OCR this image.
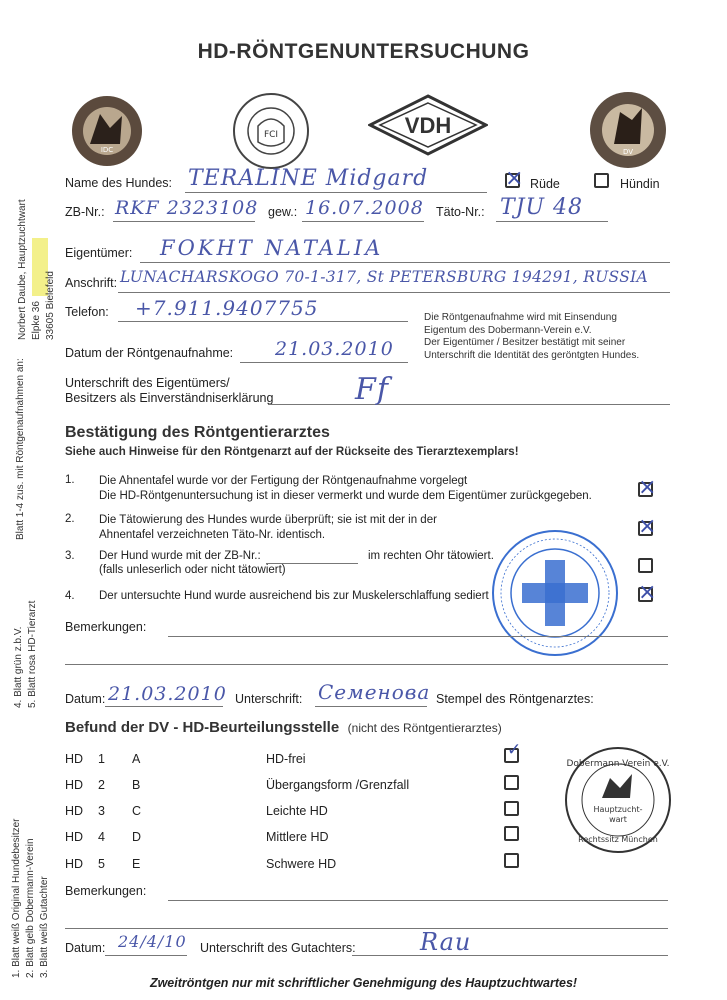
Blatt 1-4 zus. mit Röntgenaufnahmen an:
Norbert Daube, Hauptzuchtwart Elpke 36 33605 Bielefeld
4. Blatt grün z.b.V. 5. Blatt rosa HD-Tierarzt
1. Blatt weiß Original Hundebesitzer 2. Blatt gelb Dobermann-Verein 3. Blatt weiß Gutachter
HD-RÖNTGENUNTERSUCHUNG
IDC
FCI	VDH
DV
Name des Hundes: TERALINE Midgard
×	Rüde	Hündin
ZB-Nr.: RKF 2323108 gew.: 16.07.2008 Täto-Nr.: TJU 48
Eigentümer: FOKHT NATALIA
Anschrift: LUNACHARSKOGO 70-1-317, St PETERSBURG 194291, RUSSIA
Telefon: +7.911.9407755	Die Röntgenaufnahme wird mit Einsendung
Eigentum des Dobermann-Verein e.V.
Der Eigentümer / Besitzer bestätigt mit seiner
Unterschrift die Identität des geröntgten Hundes.
Datum der Röntgenaufnahme: 21.03.2010
Unterschrift des Eigentümers/
Besitzers als Einverständniserklärung	Ff
Bestätigung des Röntgentierarztes
Siehe auch Hinweise für den Röntgenarzt auf der Rückseite des Tierarztexemplars!
1. Die Ahnentafel wurde vor der Fertigung der Röntgenaufnahme vorgelegt
Die HD-Röntgenuntersuchung ist in dieser vermerkt und wurde dem Eigentümer zurückgegeben.
×
2. Die Tätowierung des Hundes wurde überprüft; sie ist mit der in der
Ahnentafel verzeichneten Täto-Nr. identisch.
×
3. Der Hund wurde mit der ZB-Nr.:	im rechten Ohr tätowiert.
(falls unleserlich oder nicht tätowiert)
4. Der untersuchte Hund wurde ausreichend bis zur Muskelerschlaffung sediert
×
Bemerkungen:
Datum: 21.03.2010 Unterschrift: Семенова Stempel des Röntgenarztes:
Befund der DV - HD-Beurteilungsstelle (nicht des Röntgentierarztes)
HD 1 A	HD-frei
✓
HD 2 B	Übergangsform /Grenzfall
HD 3 C	Leichte HD
HD 4 D	Mittlere HD
HD 5 E	Schwere HD
Dobermann-Verein e.V.
Hauptzucht-
wart
Rechtssitz München
Bemerkungen:
Datum: 24/4/10 Unterschrift des Gutachters:	Rau
Zweitröntgen nur mit schriftlicher Genehmigung des Hauptzuchtwartes!
